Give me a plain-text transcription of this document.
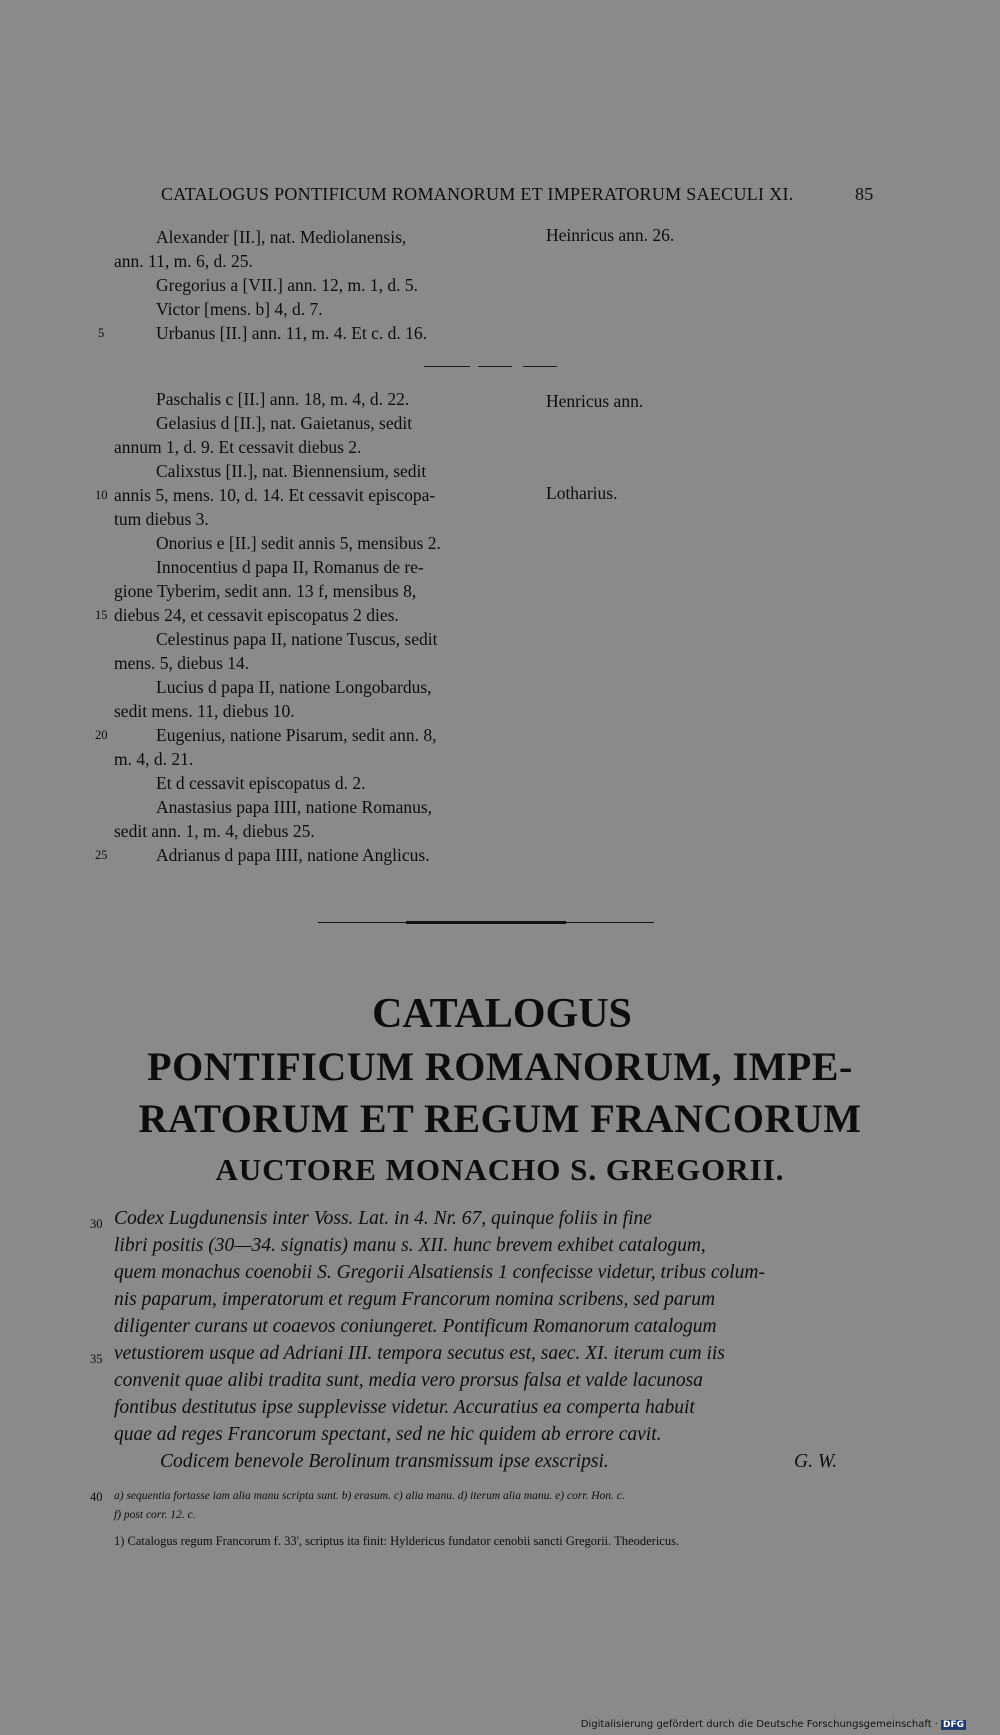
CATALOGUS PONTIFICUM ROMANORUM ET IMPERATORUM SAECULI XI.	85
Alexander [II.], nat. Mediolanensis,
ann. 11, m. 6, d. 25.
Gregorius a [VII.] ann. 12, m. 1, d. 5.
Victor [mens. b] 4, d. 7.
Urbanus [II.] ann. 11, m. 4. Et c. d. 16.
5
Heinricus ann. 26.
Paschalis c [II.] ann. 18, m. 4, d. 22.
Gelasius d [II.], nat. Gaietanus, sedit
annum 1, d. 9. Et cessavit diebus 2.
Calixstus [II.], nat. Biennensium, sedit
annis 5, mens. 10, d. 14. Et cessavit episcopa-
tum diebus 3.
Onorius e [II.] sedit annis 5, mensibus 2.
Innocentius d papa II, Romanus de re-
gione Tyberim, sedit ann. 13 f, mensibus 8,
diebus 24, et cessavit episcopatus 2 dies.
Celestinus papa II, natione Tuscus, sedit
mens. 5, diebus 14.
Lucius d papa II, natione Longobardus,
sedit mens. 11, diebus 10.
Eugenius, natione Pisarum, sedit ann. 8,
m. 4, d. 21.
Et d cessavit episcopatus d. 2.
Anastasius papa IIII, natione Romanus,
sedit ann. 1, m. 4, diebus 25.
Adrianus d papa IIII, natione Anglicus.
10
15
20
25
Henricus ann.
Lotharius.
CATALOGUS
PONTIFICUM ROMANORUM, IMPE-
RATORUM ET REGUM FRANCORUM
AUCTORE MONACHO S. GREGORII.
Codex Lugdunensis inter Voss. Lat. in 4. Nr. 67, quinque foliis in fine
libri positis (30—34. signatis) manu s. XII. hunc brevem exhibet catalogum,
quem monachus coenobii S. Gregorii Alsatiensis 1 confecisse videtur, tribus colum-
nis paparum, imperatorum et regum Francorum nomina scribens, sed parum
diligenter curans ut coaevos coniungeret. Pontificum Romanorum catalogum
vetustiorem usque ad Adriani III. tempora secutus est, saec. XI. iterum cum iis
convenit quae alibi tradita sunt, media vero prorsus falsa et valde lacunosa
fontibus destitutus ipse supplevisse videtur. Accuratius ea comperta habuit
quae ad reges Francorum spectant, sed ne hic quidem ab errore cavit.
Codicem benevole Berolinum transmissum ipse exscripsi.	G. W.
30
35
40 a) sequentia fortasse iam alia manu scripta sunt. b) erasum. c) alia manu. d) iterum alia manu. e) corr. Hon. c.
f) post corr. 12. c.
1) Catalogus regum Francorum f. 33', scriptus ita finit: Hyldericus fundator cenobii sancti Gregorii. Theodericus.
Digitalisierung gefördert durch die Deutsche Forschungsgemeinschaft · DFG
